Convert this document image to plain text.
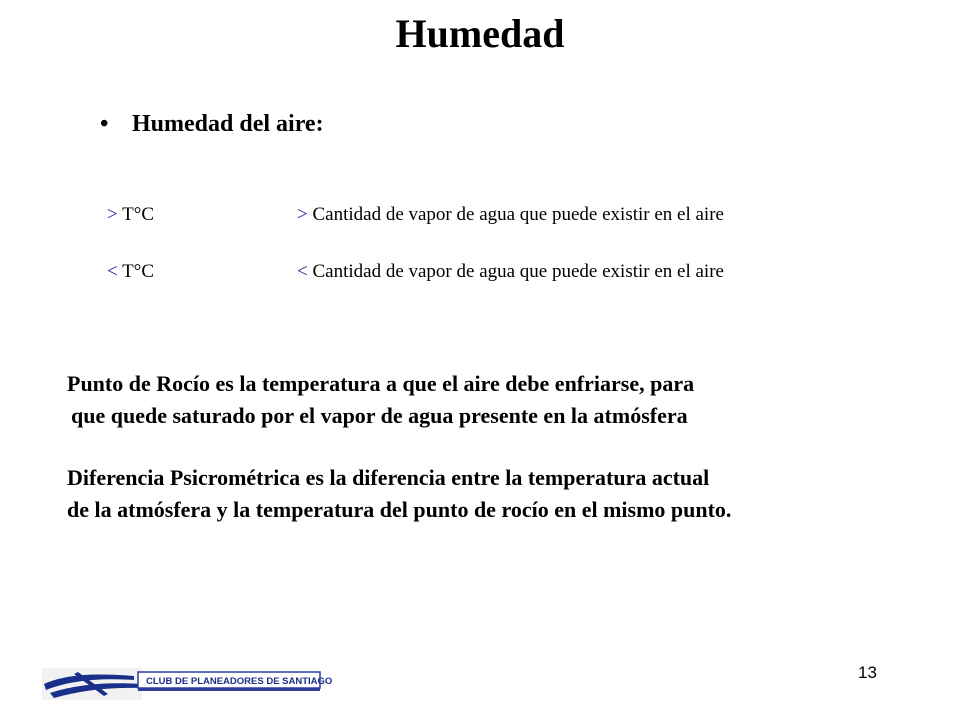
Humedad
• Humedad del aire:
> T°C	> Cantidad de vapor de agua que puede existir en el aire
< T°C	< Cantidad de vapor de agua que puede existir en el aire
Punto de Rocío es la temperatura a que el aire debe enfriarse, para
que quede saturado por el vapor de agua presente en la atmósfera
Diferencia Psicrométrica es la diferencia entre la temperatura actual
de la atmósfera y la temperatura del punto de rocío en el mismo punto.
CLUB DE PLANEADORES DE SANTIAGO	13
